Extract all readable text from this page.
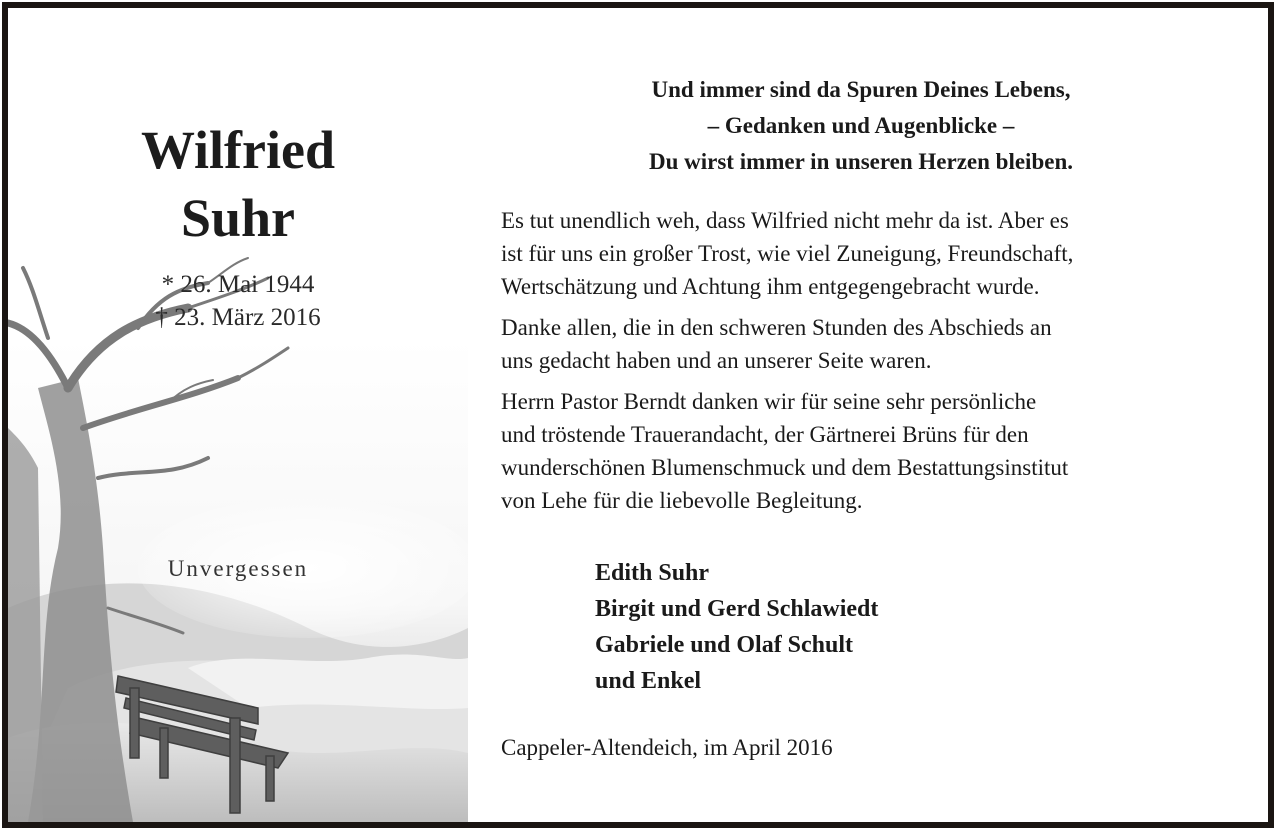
Wilfried
Suhr
* 26. Mai 1944
† 23. März 2016
Unvergessen
Und immer sind da Spuren Deines Lebens,
– Gedanken und Augenblicke –
Du wirst immer in unseren Herzen bleiben.

Es tut unendlich weh, dass Wilfried nicht mehr da ist. Aber es
ist für uns ein großer Trost, wie viel Zuneigung, Freundschaft,
Wertschätzung und Achtung ihm entgegengebracht wurde.

Danke allen, die in den schweren Stunden des Abschieds an
uns gedacht haben und an unserer Seite waren.

Herrn Pastor Berndt danken wir für seine sehr persönliche
und tröstende Trauerandacht, der Gärtnerei Brüns für den
wunderschönen Blumenschmuck und dem Bestattungsinstitut
von Lehe für die liebevolle Begleitung.

Edith Suhr
Birgit und Gerd Schlawiedt
Gabriele und Olaf Schult
und Enkel
Cappeler-Altendeich, im April 2016
